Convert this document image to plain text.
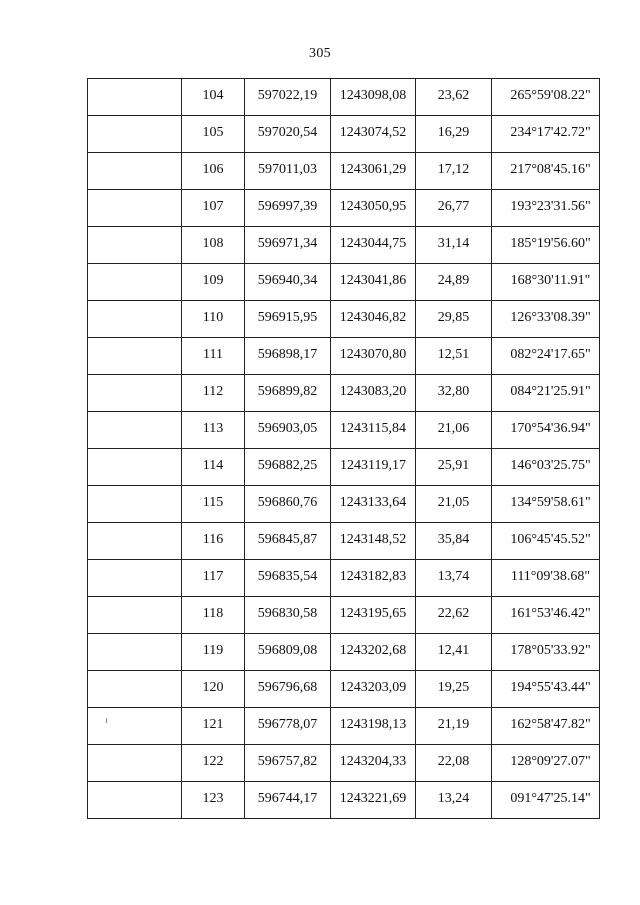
305
	104	597022,19	1243098,08	23,62	265°59'08.22"
	105	597020,54	1243074,52	16,29	234°17'42.72"
	106	597011,03	1243061,29	17,12	217°08'45.16"
	107	596997,39	1243050,95	26,77	193°23'31.56"
	108	596971,34	1243044,75	31,14	185°19'56.60"
	109	596940,34	1243041,86	24,89	168°30'11.91"
	110	596915,95	1243046,82	29,85	126°33'08.39"
	111	596898,17	1243070,80	12,51	082°24'17.65"
	112	596899,82	1243083,20	32,80	084°21'25.91"
	113	596903,05	1243115,84	21,06	170°54'36.94"
	114	596882,25	1243119,17	25,91	146°03'25.75"
	115	596860,76	1243133,64	21,05	134°59'58.61"
	116	596845,87	1243148,52	35,84	106°45'45.52"
	117	596835,54	1243182,83	13,74	111°09'38.68"
	118	596830,58	1243195,65	22,62	161°53'46.42"
	119	596809,08	1243202,68	12,41	178°05'33.92"
	120	596796,68	1243203,09	19,25	194°55'43.44"
	121	596778,07	1243198,13	21,19	162°58'47.82"
	122	596757,82	1243204,33	22,08	128°09'27.07"
	123	596744,17	1243221,69	13,24	091°47'25.14"
